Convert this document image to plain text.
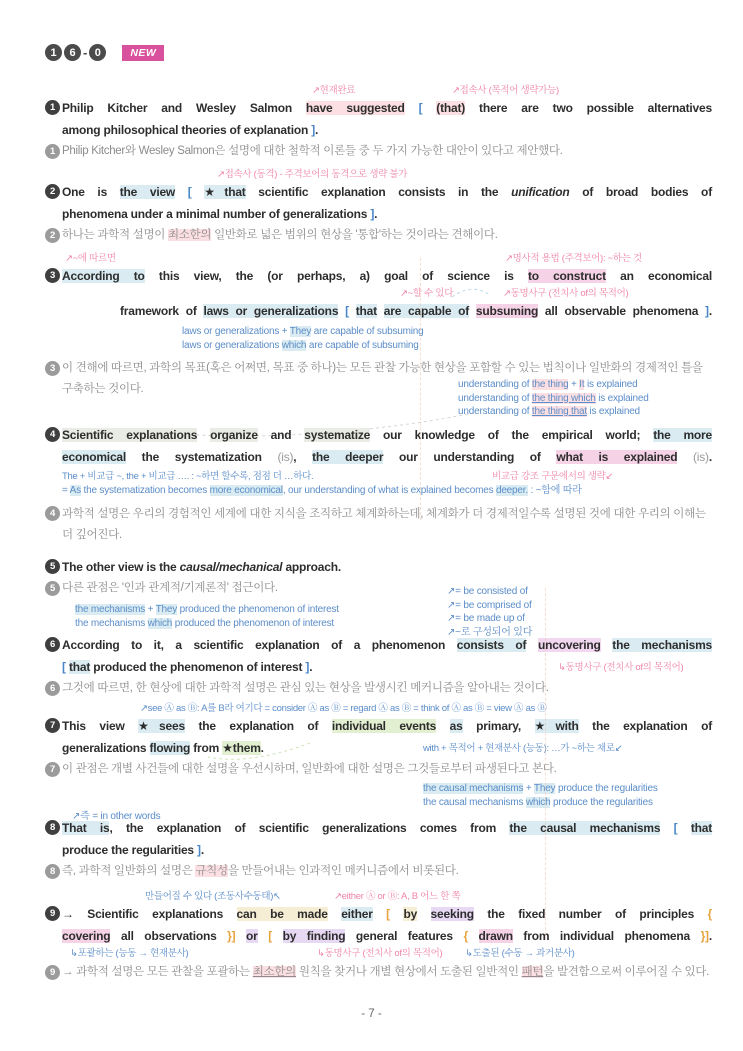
1	6 - 0	NEW
↗현재완료	↗접속사 (목적어 생략가능)
1 Philip Kitcher and Wesley Salmon have suggested [ (that) there are two possible alternatives
among philosophical theories of explanation ].
1 Philip Kitcher와 Wesley Salmon은 설명에 대한 철학적 이론들 중 두 가지 가능한 대안이 있다고 제안했다.
↗접속사 (동격) - 주격보어의 동격으로 생략 불가
2 One is the view [ ★that scientific explanation consists in the unification of broad bodies of
phenomena under a minimal number of generalizations ].
2 하나는 과학적 설명이 최소한의 일반화로 넓은 범위의 현상을 '통합'하는 것이라는 견해이다.
↗~에 따르면	↗명사적 용법 (주격보어): ~하는 것
3 According to this view, the (or perhaps, a) goal of science is to construct an economical
↗~할 수 있다	↗동명사구 (전치사 of의 목적어)
framework of laws or generalizations [ that are capable of subsuming all observable phenomena ].
laws or generalizations + They are capable of subsuming
laws or generalizations which are capable of subsuming
3 이 견해에 따르면, 과학의 목표(혹은 어쩌면, 목표 중 하나)는 모든 관찰 가능한 현상을 포함할 수 있는 법칙이나 일반화의 경제적인 틀을 구축하는 것이다.	understanding of the thing + It is explained
understanding of the thing which is explained
understanding of the thing that is explained
4 Scientific explanations organize and systematize our knowledge of the empirical world; the more
economical the systematization (is), the deeper our understanding of what is explained (is).
The + 비교급 ~, the + 비교급 …. : ~하면 할수록, 점점 더 …하다.	비교급 강조 구문에서의 생략↙
= As the systematization becomes more economical, our understanding of what is explained becomes deeper. : ~함에 따라
4 과학적 설명은 우리의 경험적인 세계에 대한 지식을 조직하고 체계화하는데, 체계화가 더 경제적일수록 설명된 것에 대한 우리의 이해는 더 깊어진다.
5 The other view is the causal/mechanical approach.
5 다른 관점은 '인과 관계적/기계론적' 접근이다.
the mechanisms + They produced the phenomenon of interest
the mechanisms which produced the phenomenon of interest
↗= be consisted of
↗= be comprised of
↗= be made up of
↗~로 구성되어 있다
6 According to it, a scientific explanation of a phenomenon consists of uncovering the mechanisms
[ that produced the phenomenon of interest ].	↳동명사구 (전치사 of의 목적어)
6 그것에 따르면, 한 현상에 대한 과학적 설명은 관심 있는 현상을 발생시킨 메커니즘을 알아내는 것이다.
↗see Ⓐ as Ⓑ: A를 B라 여기다 = consider Ⓐ as Ⓑ = regard Ⓐ as Ⓑ = think of Ⓐ as Ⓑ = view Ⓐ as Ⓑ
7 This view ★sees the explanation of individual events as primary, ★with the explanation of
generalizations flowing from ★them.	with + 목적어 + 현재분사 (능동): …가 ~하는 채로↙
7 이 관점은 개별 사건들에 대한 설명을 우선시하며, 일반화에 대한 설명은 그것들로부터 파생된다고 본다.
the causal mechanisms + They produce the regularities
the causal mechanisms which produce the regularities
8 That is, the explanation of scientific generalizations comes from the causal mechanisms [ that
produce the regularities ].
8 즉, 과학적 일반화의 설명은 규칙성을 만들어내는 인과적인 메커니즘에서 비롯된다.
↗즉 = in other words
만들어질 수 있다 (조동사수동태)↖	↗either Ⓐ or Ⓑ: A, B 어느 한 쪽
9 → Scientific explanations can be made either [ by seeking the fixed number of principles {
covering all observations }] or [ by finding general features { drawn from individual phenomena }].
↳포괄하는 (능동 → 현재분사)	↳동명사구 (전치사 of의 목적어) ↳도출된 (수동 → 과거분사)
9 → 과학적 설명은 모든 관찰을 포괄하는 최소한의 원칙을 찾거나 개별 현상에서 도출된 일반적인 패턴을 발견함으로써 이루어질 수 있다.
- 7 -
